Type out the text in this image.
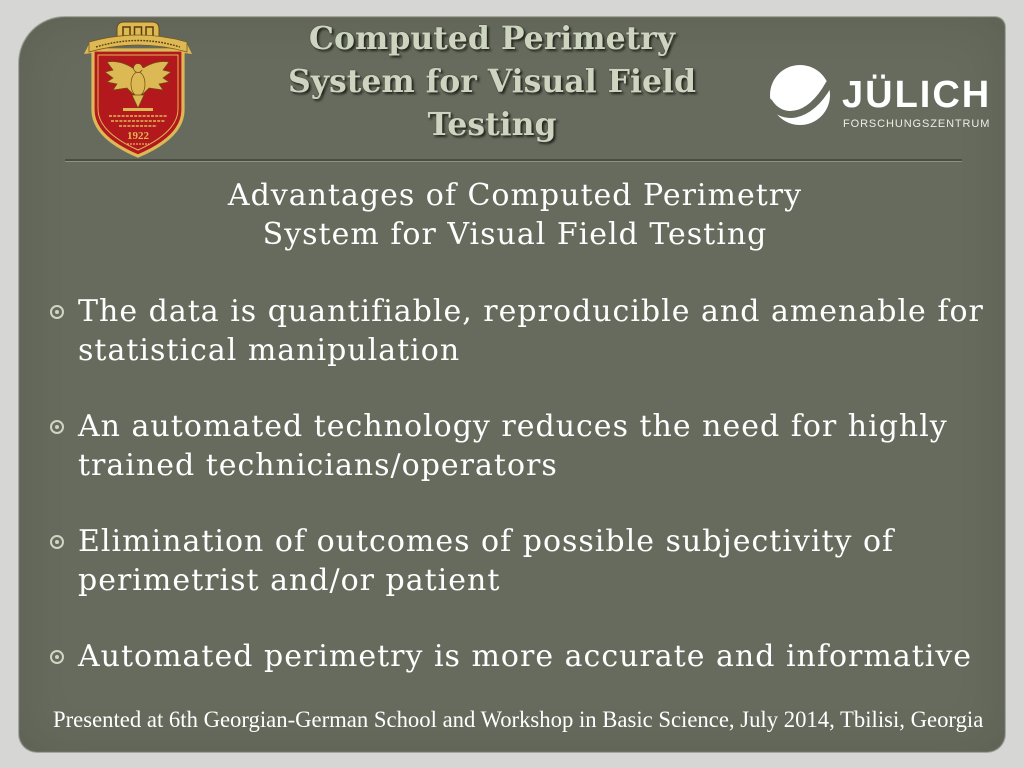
1922
Computed Perimetry
System for Visual Field
Testing
JÜLICH
FORSCHUNGSZENTRUM
Advantages of Computed Perimetry
System for Visual Field Testing
The data is quantifiable, reproducible and amenable for
statistical manipulation
An automated technology reduces the need for highly
trained technicians/operators
Elimination of outcomes of possible subjectivity of
perimetrist and/or patient
Automated perimetry is more accurate and informative
Presented at 6th Georgian-German School and Workshop in Basic Science, July 2014, Tbilisi, Georgia
